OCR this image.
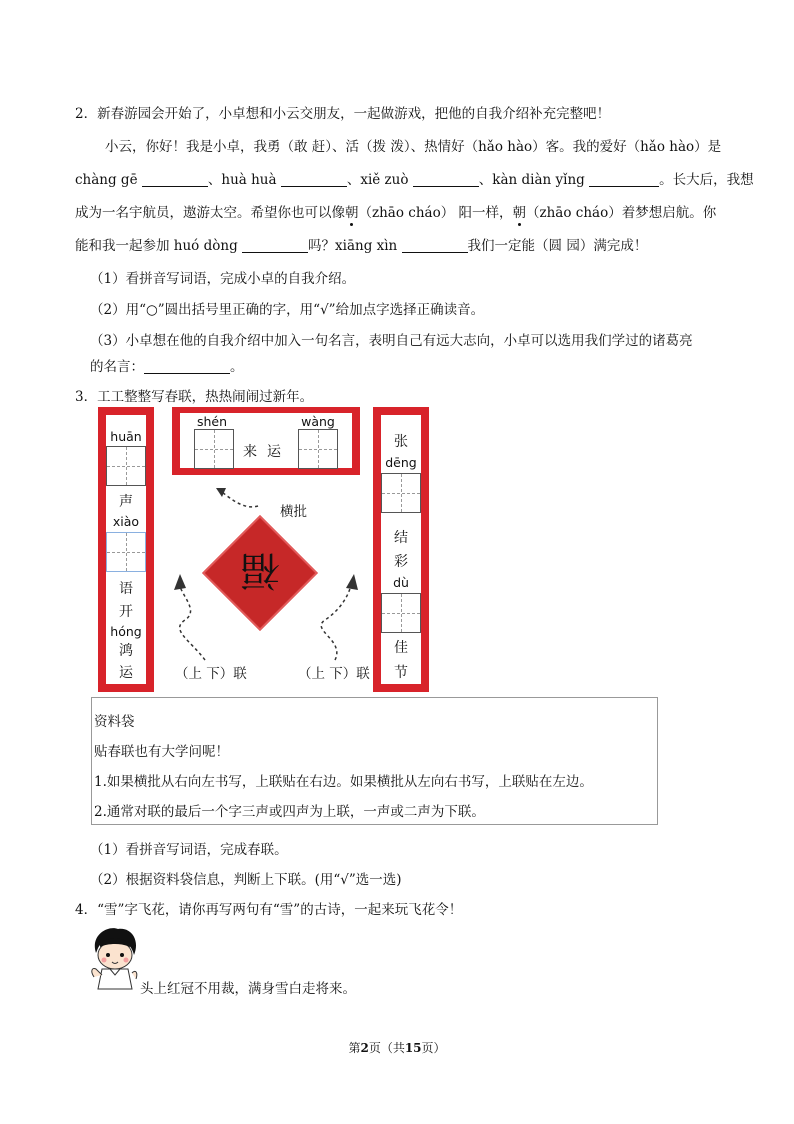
2．新春游园会开始了，小卓想和小云交朋友，一起做游戏，把他的自我介绍补充完整吧！
小云，你好！我是小卓，我勇（敢 赶）、活（拨 泼）、热情好（hǎo hào）客。我的爱好（hǎo hào）是
chàng gē	、huà huà	、xiě zuò	、kàn diàn yǐng	。长大后，我想
成为一名宇航员，遨游太空。希望你也可以像朝（zhāo cháo） 阳一样，朝（zhāo cháo）着梦想启航。你
能和我一起参加 huó dòng	吗？xiāng xìn	我们一定能（圆 园）满完成！
（1）看拼音写词语，完成小卓的自我介绍。
（2）用“○”圆出括号里正确的字，用“√”给加点字选择正确读音。
（3）小卓想在他的自我介绍中加入一句名言，表明自己有远大志向，小卓可以选用我们学过的诸葛亮
的名言：	。
3．工工整整写春联，热热闹闹过新年。
huān
声
xiào
语
开
hóng
鸿
运
shén	wàng
来 运
张
dēng
结
彩
dù
佳
节
横批
福
（上 下）联	（上 下）联
资料袋
贴春联也有大学问呢！
1.如果横批从右向左书写，上联贴在右边。如果横批从左向右书写，上联贴在左边。
2.通常对联的最后一个字三声或四声为上联，一声或二声为下联。
（1）看拼音写词语，完成春联。
（2）根据资料袋信息，判断上下联。(用“√”选一选)
4．“雪”字飞花，请你再写两句有“雪”的古诗，一起来玩飞花令！
头上红冠不用裁，满身雪白走将来。
第2页（共15页）
